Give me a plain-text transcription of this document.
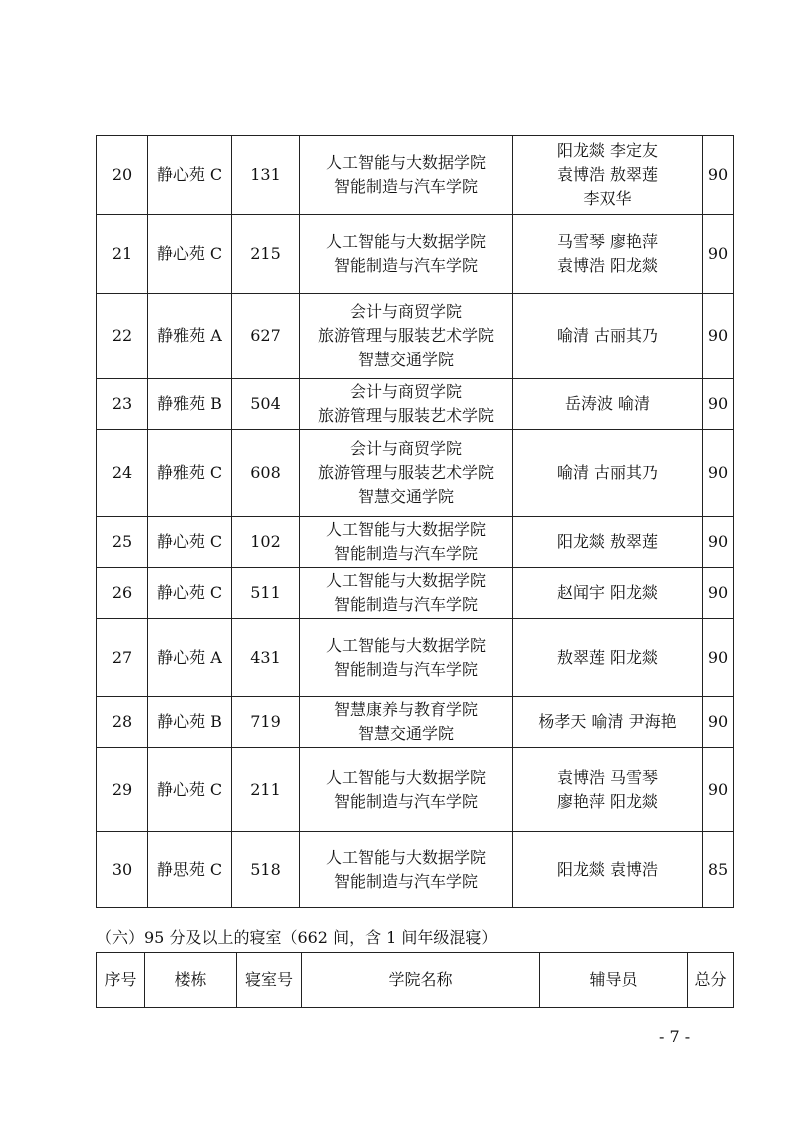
20	静心苑 C	131	人工智能与大数据学院
智能制造与汽车学院	阳龙燚 李定友
袁博浩 敖翠莲
李双华	90
21	静心苑 C	215	人工智能与大数据学院
智能制造与汽车学院	马雪琴 廖艳萍
袁博浩 阳龙燚	90
22	静雅苑 A	627	会计与商贸学院
旅游管理与服装艺术学院
智慧交通学院	喻清 古丽其乃	90
23	静雅苑 B	504	会计与商贸学院
旅游管理与服装艺术学院	岳涛波 喻清	90
24	静雅苑 C	608	会计与商贸学院
旅游管理与服装艺术学院
智慧交通学院	喻清 古丽其乃	90
25	静心苑 C	102	人工智能与大数据学院
智能制造与汽车学院	阳龙燚 敖翠莲	90
26	静心苑 C	511	人工智能与大数据学院
智能制造与汽车学院	赵闻宇 阳龙燚	90
27	静心苑 A	431	人工智能与大数据学院
智能制造与汽车学院	敖翠莲 阳龙燚	90
28	静心苑 B	719	智慧康养与教育学院
智慧交通学院	杨孝天 喻清 尹海艳	90
29	静心苑 C	211	人工智能与大数据学院
智能制造与汽车学院	袁博浩 马雪琴
廖艳萍 阳龙燚	90
30	静思苑 C	518	人工智能与大数据学院
智能制造与汽车学院	阳龙燚 袁博浩	85
（六）95 分及以上的寝室（662 间，含 1 间年级混寝）
序号	楼栋	寝室号	学院名称	辅导员	总分
- 7 -
